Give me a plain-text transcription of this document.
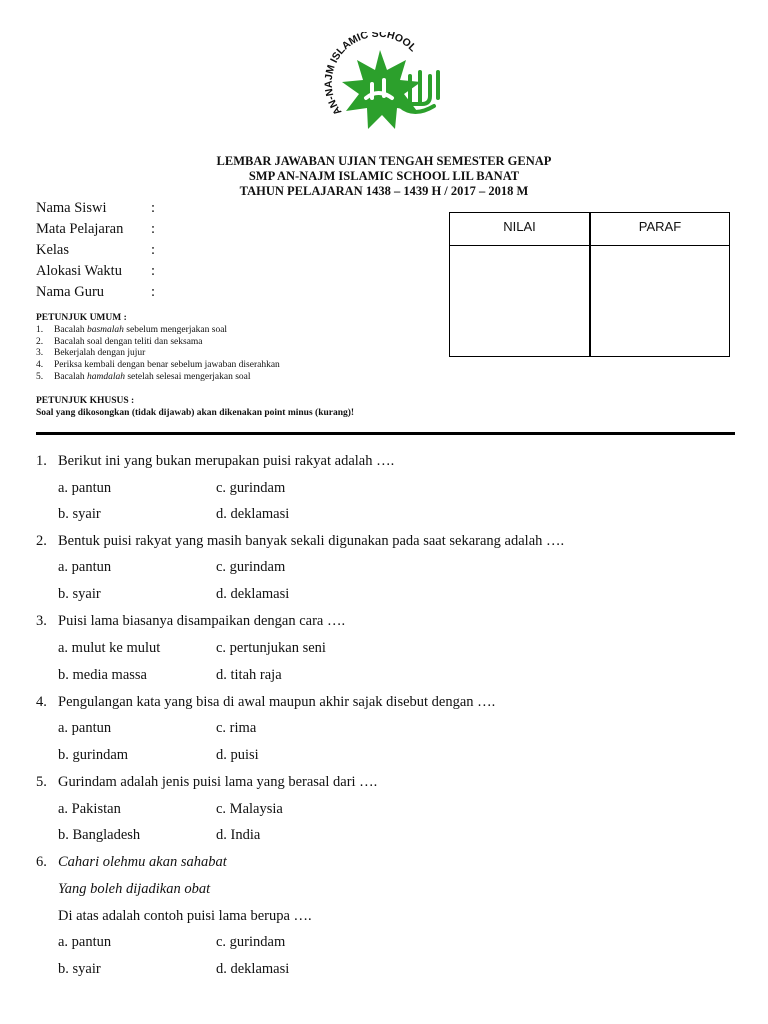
AN-NAJM ISLAMIC SCHOOL
LEMBAR JAWABAN UJIAN TENGAH SEMESTER GENAP
SMP AN-NAJM ISLAMIC SCHOOL LIL BANAT
TAHUN PELAJARAN 1438 – 1439 H / 2017 – 2018 M
Nama Siswi	:
Mata Pelajaran :
Kelas	:
Alokasi Waktu :
Nama Guru	:
NILAI	PARAF
PETUNJUK UMUM :
1. Bacalah basmalah sebelum mengerjakan soal
2. Bacalah soal dengan teliti dan seksama
3. Bekerjalah dengan jujur
4. Periksa kembali dengan benar sebelum jawaban diserahkan
5. Bacalah hamdalah setelah selesai mengerjakan soal
PETUNJUK KHUSUS :
Soal yang dikosongkan (tidak dijawab) akan dikenakan point minus (kurang)!
1. Berikut ini yang bukan merupakan puisi rakyat adalah ….
a. pantun	c. gurindam
b. syair	d. deklamasi
2. Bentuk puisi rakyat yang masih banyak sekali digunakan pada saat sekarang adalah ….
a. pantun	c. gurindam
b. syair	d. deklamasi
3. Puisi lama biasanya disampaikan dengan cara ….
a. mulut ke mulut	c. pertunjukan seni
b. media massa	d. titah raja
4. Pengulangan kata yang bisa di awal maupun akhir sajak disebut dengan ….
a. pantun	c. rima
b. gurindam	d. puisi
5. Gurindam adalah jenis puisi lama yang berasal dari ….
a. Pakistan	c. Malaysia
b. Bangladesh	d. India
6. Cahari olehmu akan sahabat
Yang boleh dijadikan obat
Di atas adalah contoh puisi lama berupa ….
a. pantun	c. gurindam
b. syair	d. deklamasi
